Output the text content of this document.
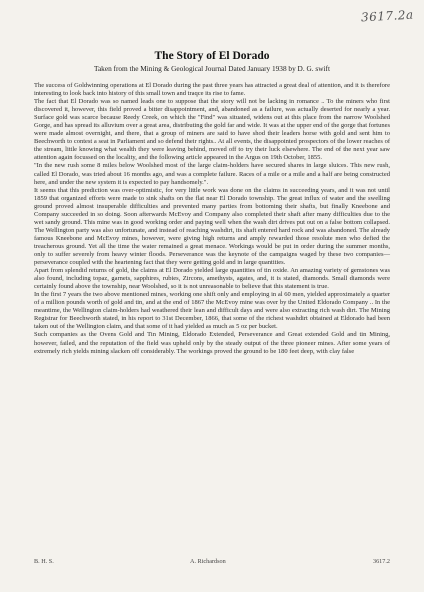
3617.2a
The Story of El Dorado
Taken from the Mining & Geological Journal Dated January 1938 by D. G. swift

The success of Goldwinning operations at El Dorado during the past three years has attracted a great deal of attention, and it is therefore interesting to look back into history of this small town and traqce its rise to fame.

The fact that El Dorado was so named leads one to suppose that the story will not be lacking in romance .. To the miners who first discovered it, however, this field proved a bitter disappointment, and, abandoned as a failure, was actually deserted for nearly a year. Surface gold was scarce because Reedy Creek, on which the "Find" was situated, widens out at this place from the narrow Woolshed Gorge, and has spread its alluvium over a great area, distributing the gold far and wide. It was at the upper end of the gorge that fortunes were made almost overnight, and there, that a group of miners are said to have shod their leaders horse with gold and sent him to Beechworth to contest a seat in Parliament and so defend their rights.. At all events, the disappointed prospectors of the lower reaches of the stream, little knowing what wealth they were leaving behind, moved off to try their luck elsewhere. The end of the next year saw attention again focussed on the locality, and the following article appeared in the Argus on 19th October, 1855.

"In the new rush some 8 miles below Woolshed most of the large claim-holders have secured shares in large sluices. This new rush, called El Dorado, was tried about 16 months ago, and was a complete failure. Races of a mile or a mile and a half are being constructed here, and under the new system it is expected to pay handsomely.".

It seems that this prediction was over-optimistic, for very little work was done on the claims in succeeding years, and it was not until 1859 that organized efforts were made to sink shafts on the flat near El Dorado township. The great influx of water and the swelling ground proved almost insuperable difficulties and prevented many parties from bottoming their shafts, but finally Kneebone and Company succeeded in so doing. Soon afterwards McEvoy and Company also completed their shaft after many difficulties due to the wet sandy ground. This mine was in good working order and paying well when the wash dirt drives put out on a false bottom collapsed. The Wellington party was also unfortunate, and instead of reaching washdirt, its shaft entered hard rock and was abandoned. The already famous Kneebone and McEvoy mines, however, were giving high returns and amply rewarded those resolute men who defied the treacherous ground. Yet all the time the water remained a great menace. Workings would be put in order during the summer months, only to suffer severely from heavy winter floods. Perseverance was the keynote of the campaigns waged by these two companies—perseverance coupled with the heartening fact that they were getting gold and in large quantities.

Apart from splendid returns of gold, the claims at El Dorado yielded large quantities of tin oxide. An amazing variety of gemstones was also found, including topaz, garnets, sapphires, rubies, Zircons, amethysts, agates, and, it is stated, diamonds. Small diamonds were certainly found above the township, near Woolshed, so it is not unreasonable to believe that this statement is true.

In the first 7 years the two above mentioned mines, working one shift only and employing in al 60 men, yielded approximately a quarter of a million pounds worth of gold and tin, and at the end of 1867 the McEvoy mine was over by the United Eldorado Company .. In the meantime, the Wellington claim-holders had weathered their lean and difficult days and were also extracting rich wash dirt. The Mining Registrar for Beechworth stated, in his report to 31st December, 1866, that some of the richest washdirt obtained at Eldorado had been taken out of the Wellington claim, and that some of it had yielded as much as 5 oz per bucket.

Such companies as the Ovens Gold and Tin Mining, Eldorado Extended, Perseverance and Great extended Gold and tin Mining, however, failed, and the reputation of the field was upheld only by the steady output of the three pioneer mines. After some years of extremely rich yields mining slacken off considerably. The workings proved the ground to be 180 feet deep, with clay false

B. H. S.	A. Richardson	3617.2
